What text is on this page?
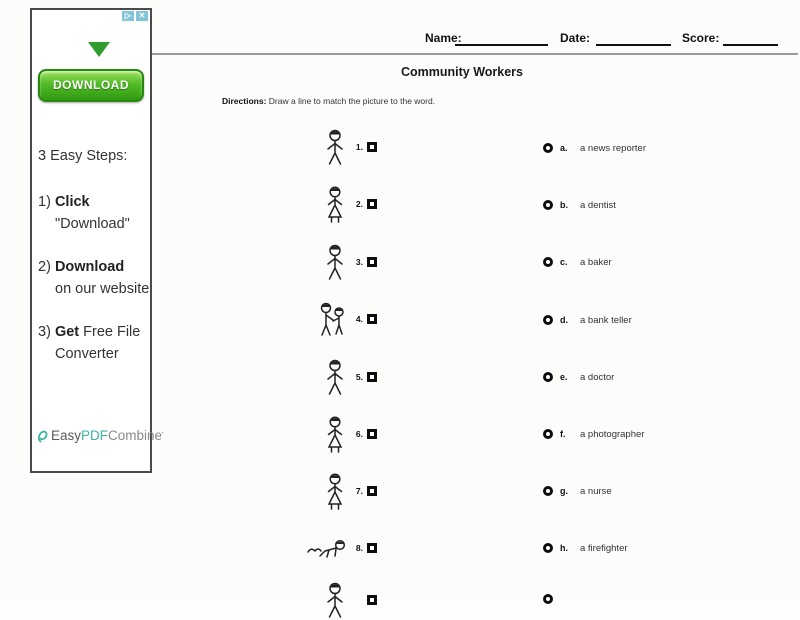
▷ ✕
DOWNLOAD
3 Easy Steps:
1) Click
"Download"
2) Download
on our website
3) Get Free File
Converter
Easy PDF Combine ’
Name:	Date:	Score:
Community Workers
Directions: Draw a line to match the picture to the word.
1.
2.
3.
4.
5.
6.
7.
8.
a.	a news reporter
b.	a dentist
c.	a baker
d.	a bank teller
e.	a doctor
f.	a photographer
g.	a nurse
h.	a firefighter
